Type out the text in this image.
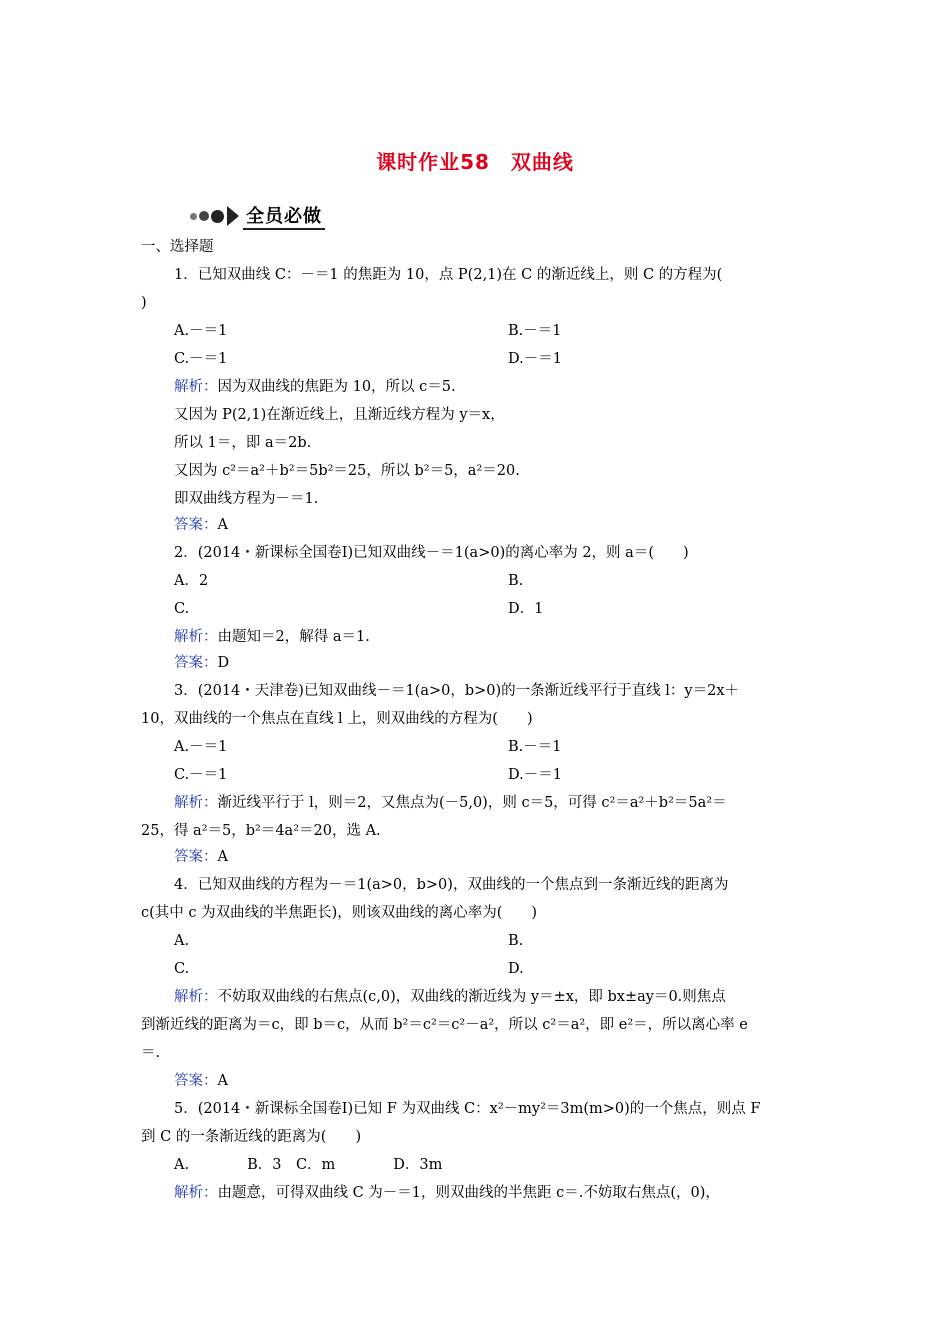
课时作业58　双曲线
全员必做
一、选择题
1．已知双曲线 C：－＝1 的焦距为 10，点 P(2,1)在 C 的渐近线上，则 C 的方程为(
)
A.－＝1	B.－＝1
C.－＝1	D.－＝1
解析：因为双曲线的焦距为 10，所以 c＝5.
又因为 P(2,1)在渐近线上，且渐近线方程为 y＝x，
所以 1＝，即 a＝2b.
又因为 c²＝a²＋b²＝5b²＝25，所以 b²＝5，a²＝20.
即双曲线方程为－＝1.
答案：A
2．(2014・新课标全国卷Ⅰ)已知双曲线－＝1(a>0)的离心率为 2，则 a＝(　　)
A．2	B.
C.	D．1
解析：由题知＝2，解得 a＝1.
答案：D
3．(2014・天津卷)已知双曲线－＝1(a>0，b>0)的一条渐近线平行于直线 l：y＝2x＋
10，双曲线的一个焦点在直线 l 上，则双曲线的方程为(　　)
A.－＝1	B.－＝1
C.－＝1	D.－＝1
解析：渐近线平行于 l，则＝2，又焦点为(－5,0)，则 c＝5，可得 c²＝a²＋b²＝5a²＝
25，得 a²＝5，b²＝4a²＝20，选 A.
答案：A
4．已知双曲线的方程为－＝1(a>0，b>0)，双曲线的一个焦点到一条渐近线的距离为
c(其中 c 为双曲线的半焦距长)，则该双曲线的离心率为(　　)
A.	B.
C.	D.
解析：不妨取双曲线的右焦点(c,0)，双曲线的渐近线为 y＝±x，即 bx±ay＝0.则焦点
到渐近线的距离为＝c，即 b＝c，从而 b²＝c²＝c²－a²，所以 c²＝a²，即 e²＝，所以离心率 e
＝.
答案：A
5．(2014・新课标全国卷Ⅰ)已知 F 为双曲线 C：x²－my²＝3m(m>0)的一个焦点，则点 F
到 C 的一条渐近线的距离为(　　)
A.　　　　B．3　C．m　　　　D．3m
解析：由题意，可得双曲线 C 为－＝1，则双曲线的半焦距 c＝.不妨取右焦点(，0)，
